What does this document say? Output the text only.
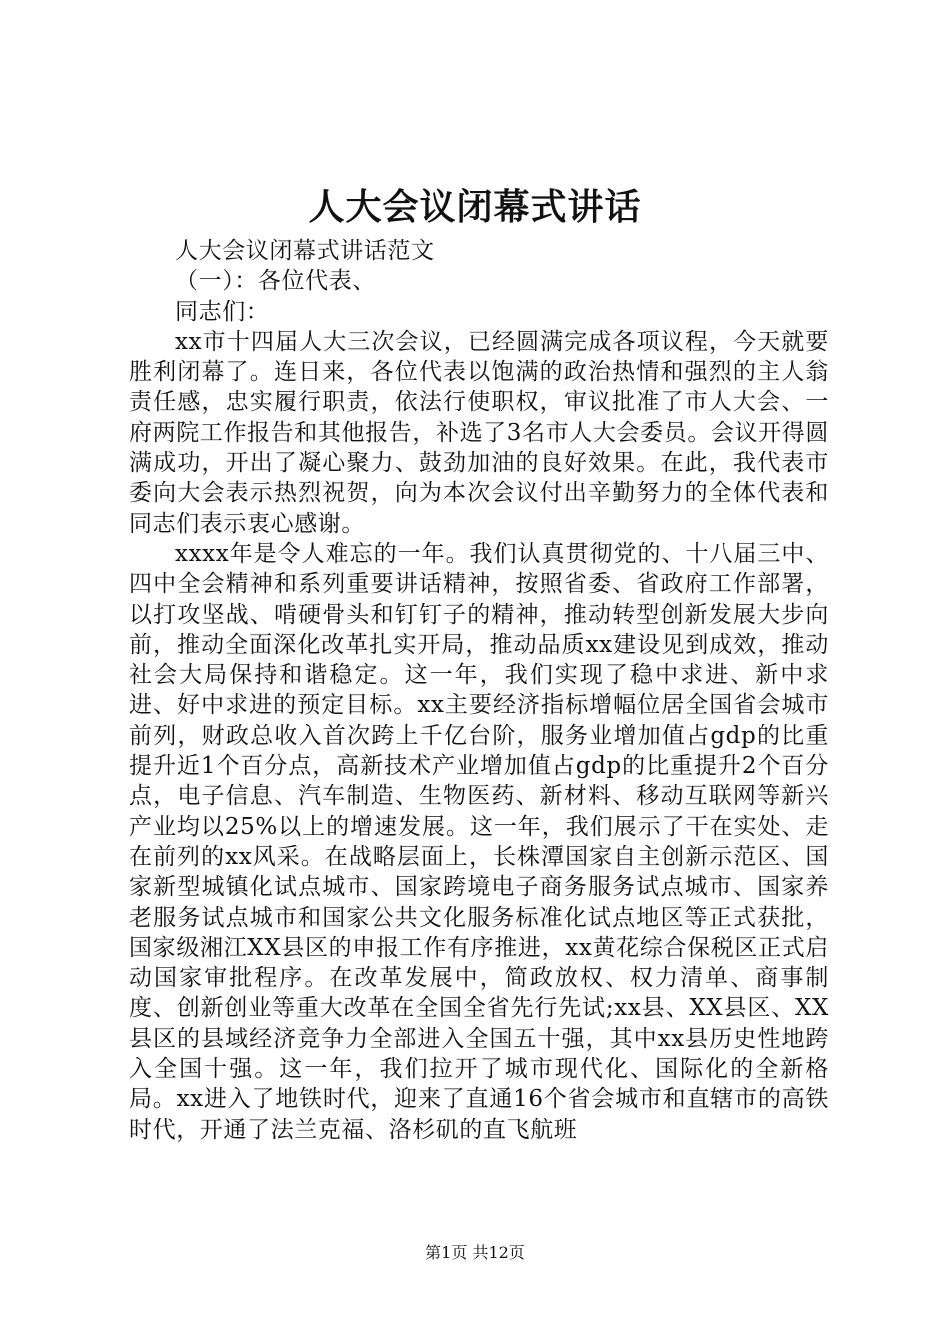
人大会议闭幕式讲话

人大会议闭幕式讲话范文

（一）：各位代表、

同志们：

xx市十四届人大三次会议，已经圆满完成各项议程，今天就要胜利闭幕了。连日来，各位代表以饱满的政治热情和强烈的主人翁责任感，忠实履行职责，依法行使职权，审议批准了市人大会、一府两院工作报告和其他报告，补选了3名市人大会委员。会议开得圆满成功，开出了凝心聚力、鼓劲加油的良好效果。在此，我代表市委向大会表示热烈祝贺，向为本次会议付出辛勤努力的全体代表和同志们表示衷心感谢。

xxxx年是令人难忘的一年。我们认真贯彻党的、十八届三中、四中全会精神和系列重要讲话精神，按照省委、省政府工作部署，以打攻坚战、啃硬骨头和钉钉子的精神，推动转型创新发展大步向前，推动全面深化改革扎实开局，推动品质xx建设见到成效，推动社会大局保持和谐稳定。这一年，我们实现了稳中求进、新中求进、好中求进的预定目标。xx主要经济指标增幅位居全国省会城市前列，财政总收入首次跨上千亿台阶，服务业增加值占gdp的比重提升近1个百分点，高新技术产业增加值占gdp的比重提升2个百分点，电子信息、汽车制造、生物医药、新材料、移动互联网等新兴产业均以25%以上的增速发展。这一年，我们展示了干在实处、走在前列的xx风采。在战略层面上，长株潭国家自主创新示范区、国家新型城镇化试点城市、国家跨境电子商务服务试点城市、国家养老服务试点城市和国家公共文化服务标准化试点地区等正式获批，国家级湘江XX县区的申报工作有序推进，xx黄花综合保税区正式启动国家审批程序。在改革发展中，简政放权、权力清单、商事制度、创新创业等重大改革在全国全省先行先试;xx县、XX县区、XX县区的县域经济竞争力全部进入全国五十强，其中xx县历史性地跨入全国十强。这一年，我们拉开了城市现代化、国际化的全新格局。xx进入了地铁时代，迎来了直通16个省会城市和直辖市的高铁时代，开通了法兰克福、洛杉矶的直飞航班

第1页 共12页
